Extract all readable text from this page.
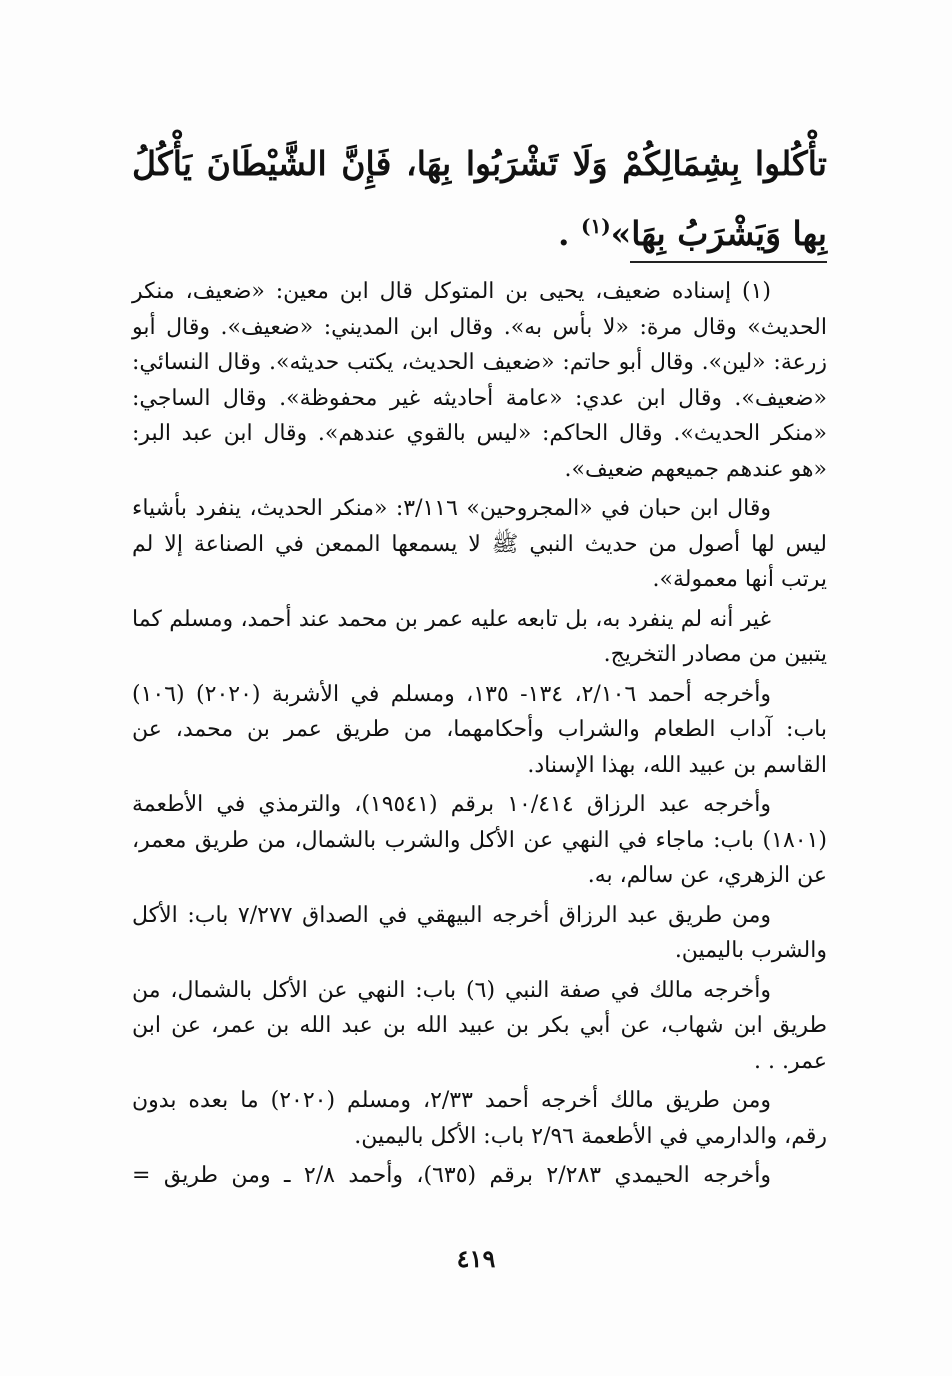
تأْكُلوا بِشِمَالِكُمْ وَلَا تَشْرَبُوا بِهَا، فَإِنَّ الشَّيْطَانَ يَأْكُلُ بِها وَيَشْرَبُ بِهَا»$^{(١)}$ .

(١) إسناده ضعيف، يحيى بن المتوكل قال ابن معين: «ضعيف، منكر الحديث» وقال مرة: «لا بأس به». وقال ابن المديني: «ضعيف». وقال أبو زرعة: «لين». وقال أبو حاتم: «ضعيف الحديث، يكتب حديثه». وقال النسائي: «ضعيف». وقال ابن عدي: «عامة أحاديثه غير محفوظة». وقال الساجي: «منكر الحديث». وقال الحاكم: «ليس بالقوي عندهم». وقال ابن عبد البر: «هو عندهم جميعهم ضعيف».

وقال ابن حبان في «المجروحين» ٣/١١٦: «منكر الحديث، ينفرد بأشياء ليس لها أصول من حديث النبي ﷺ لا يسمعها الممعن في الصناعة إلا لم يرتب أنها معمولة».

غير أنه لم ينفرد به، بل تابعه عليه عمر بن محمد عند أحمد، ومسلم كما يتبين من مصادر التخريج.

وأخرجه أحمد ٢/١٠٦، ١٣٤- ١٣٥، ومسلم في الأشربة (٢٠٢٠) (١٠٦) باب: آداب الطعام والشراب وأحكامهما، من طريق عمر بن محمد، عن القاسم بن عبيد الله، بهذا الإسناد.

وأخرجه عبد الرزاق ١٠/٤١٤ برقم (١٩٥٤١)، والترمذي في الأطعمة (١٨٠١) باب: ماجاء في النهي عن الأكل والشرب بالشمال، من طريق معمر، عن الزهري، عن سالم، به.

ومن طريق عبد الرزاق أخرجه البيهقي في الصداق ٧/٢٧٧ باب: الأكل والشرب باليمين.

وأخرجه مالك في صفة النبي (٦) باب: النهي عن الأكل بالشمال، من طريق ابن شهاب، عن أبي بكر بن عبيد الله بن عبد الله بن عمر، عن ابن عمر. . .

ومن طريق مالك أخرجه أحمد ٢/٣٣، ومسلم (٢٠٢٠) ما بعده بدون رقم، والدارمي في الأطعمة ٢/٩٦ باب: الأكل باليمين.

وأخرجه الحيمدي ٢/٢٨٣ برقم (٦٣٥)، وأحمد ٢/٨ ـ ومن طريق =

٤١٩
